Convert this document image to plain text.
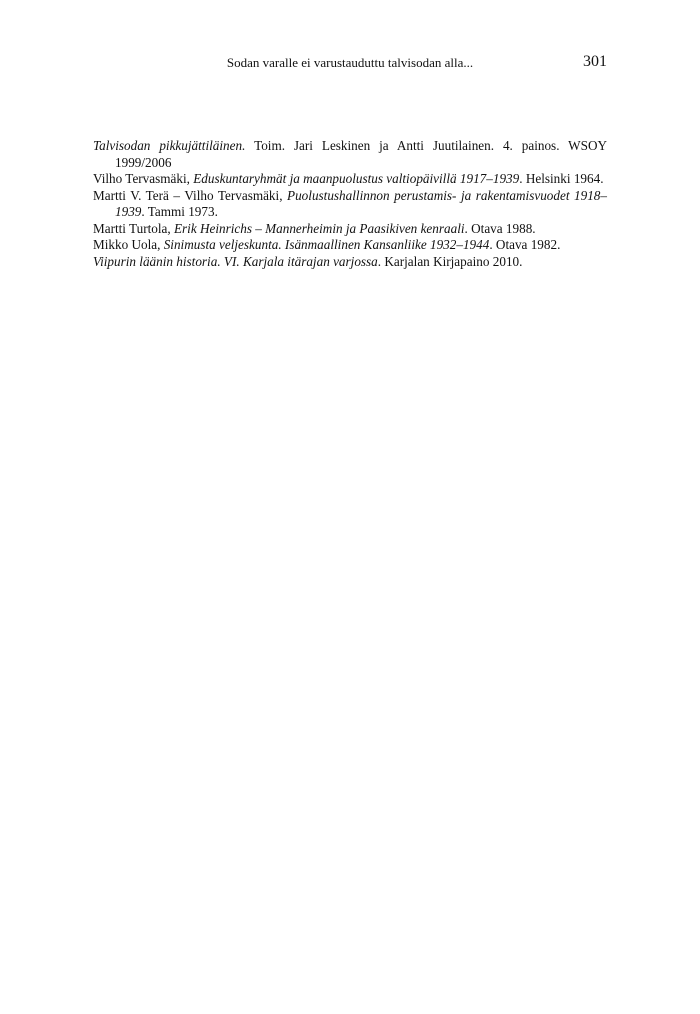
Sodan varalle ei varustauduttu talvisodan alla...	301

Talvisodan pikkujättiläinen. Toim. Jari Leskinen ja Antti Juutilainen. 4. painos. WSOY 1999/2006

Vilho Tervasmäki, Eduskuntaryhmät ja maanpuolustus valtiopäivillä 1917–1939. Helsinki 1964.

Martti V. Terä – Vilho Tervasmäki, Puolustushallinnon perustamis- ja rakentamisvuodet 1918–1939. Tammi 1973.

Martti Turtola, Erik Heinrichs – Mannerheimin ja Paasikiven kenraali. Otava 1988.

Mikko Uola, Sinimusta veljeskunta. Isänmaallinen Kansanliike 1932–1944. Otava 1982.

Viipurin läänin historia. VI. Karjala itärajan varjossa. Karjalan Kirjapaino 2010.
